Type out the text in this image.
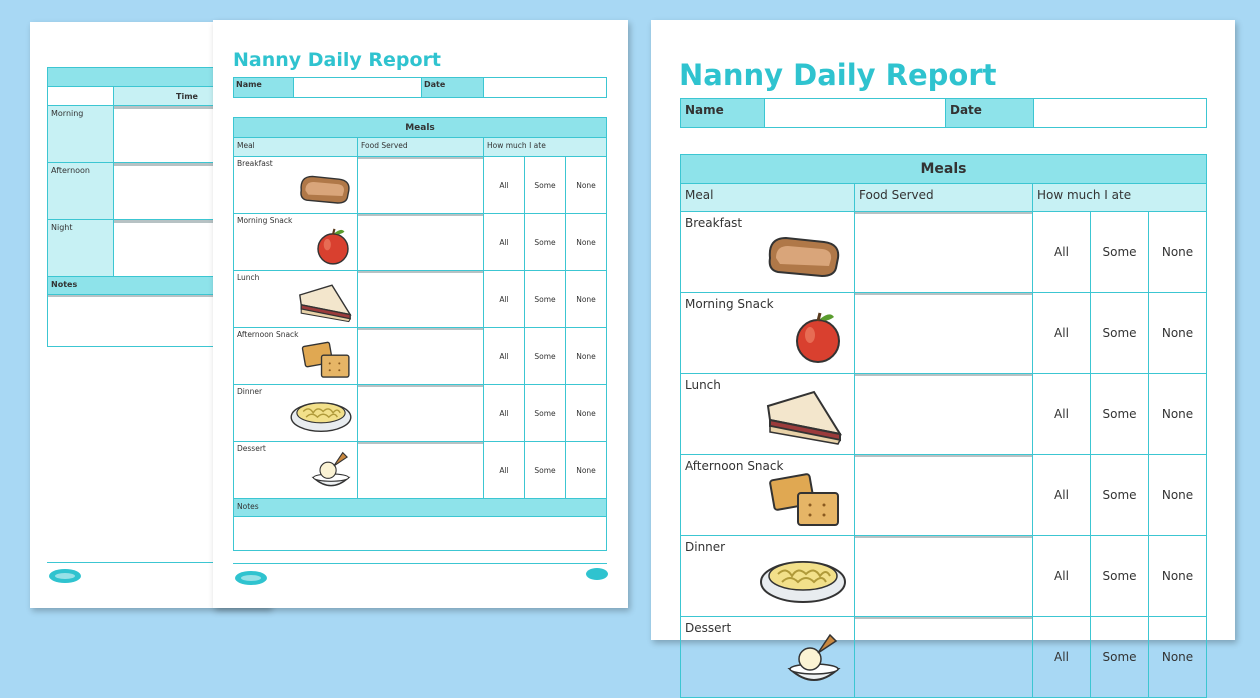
	Time
Morning	

Afternoon	

Night	

Notes	

Nanny Daily Report
Name		Date	
Meals				
Meal	Food Served	How much I ate		

Breakfast		All	Some	None

Morning Snack		All	Some	None

Lunch		All	Some	None

Afternoon Snack		All	Some	None

Dinner		All	Some	None

Dessert		All	Some	None
Notes				

Nanny Daily Report
Name		Date	
Meals				
Meal	Food Served	How much I ate		

Breakfast		All	Some	None

Morning Snack		All	Some	None

Lunch		All	Some	None

Afternoon Snack		All	Some	None

Dinner		All	Some	None

Dessert		All	Some	None
